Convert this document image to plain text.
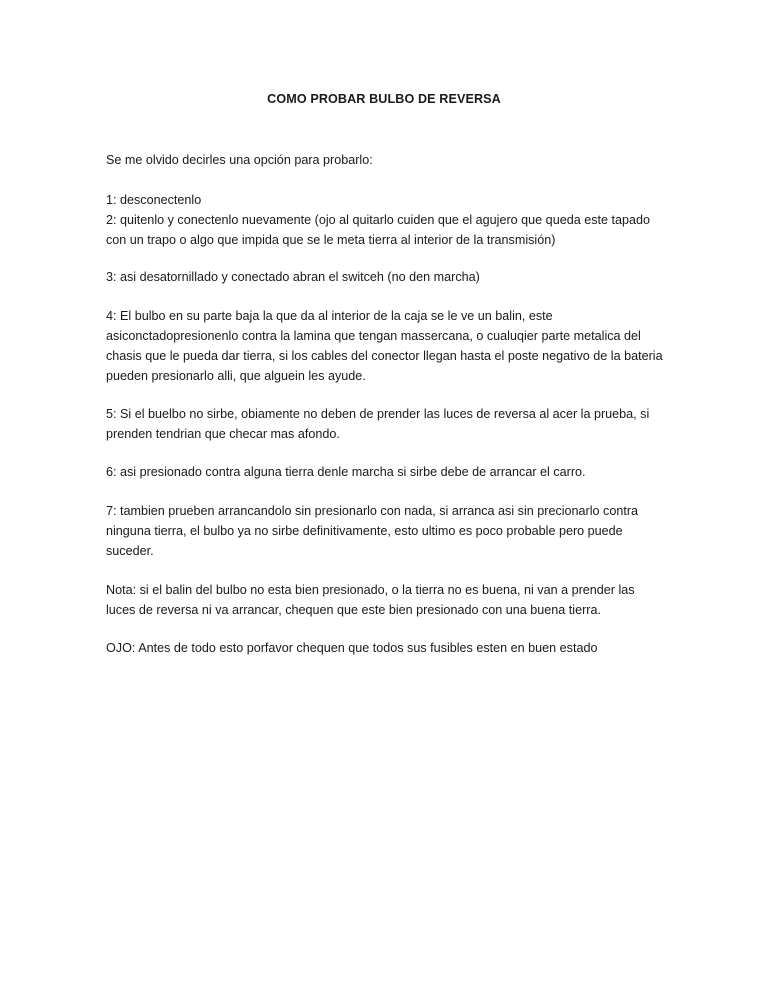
COMO PROBAR BULBO DE REVERSA

Se me olvido decirles una opción para probarlo:

1: desconectenlo
2: quitenlo y conectenlo nuevamente (ojo al quitarlo cuiden que el agujero que queda este tapado
con un trapo o algo que impida que se le meta tierra al interior de la transmisión)

3: asi desatornillado y conectado abran el switceh (no den marcha)

4: El bulbo en su parte baja la que da al interior de la caja se le ve un balin, este
asiconctadopresionenlo contra la lamina que tengan massercana, o cualuqier parte metalica del
chasis que le pueda dar tierra, si los cables del conector llegan hasta el poste negativo de la bateria
pueden presionarlo alli, que alguein les ayude.

5: Si el buelbo no sirbe, obiamente no deben de prender las luces de reversa al acer la prueba, si
prenden tendrian que checar mas afondo.

6: asi presionado contra alguna tierra denle marcha si sirbe debe de arrancar el carro.

7: tambien prueben arrancandolo sin presionarlo con nada, si arranca asi sin precionarlo contra
ninguna tierra, el bulbo ya no sirbe definitivamente, esto ultimo es poco probable pero puede
suceder.

Nota: si el balin del bulbo no esta bien presionado, o la tierra no es buena, ni van a prender las
luces de reversa ni va arrancar, chequen que este bien presionado con una buena tierra.

OJO: Antes de todo esto porfavor chequen que todos sus fusibles esten en buen estado
